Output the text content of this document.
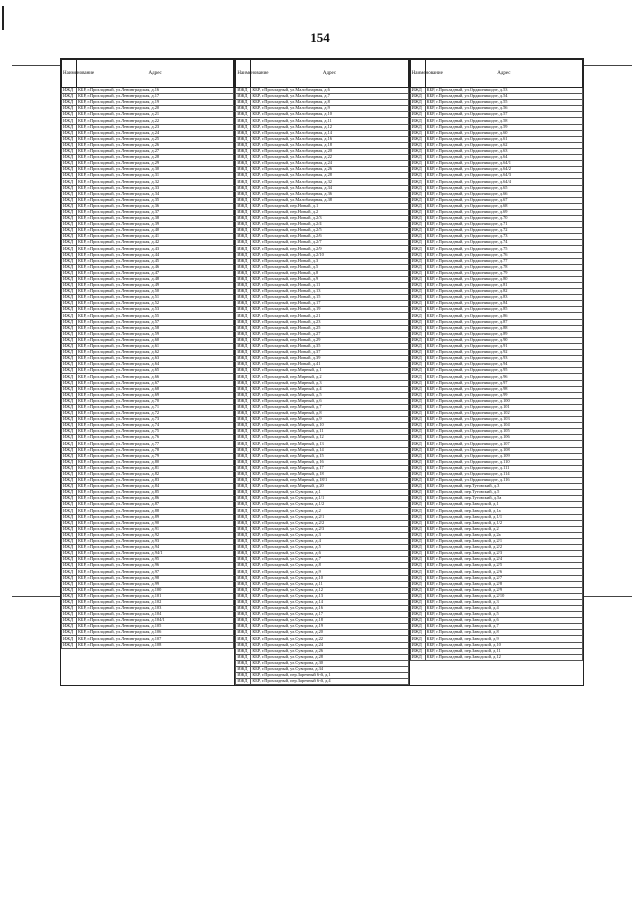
154
Наименование	Адрес
ИЖД	КБР, г.Прохладный, ул.Ленинградская, д.16
ИЖД	КБР, г.Прохладный, ул.Ленинградская, д.17
ИЖД	КБР, г.Прохладный, ул.Ленинградская, д.19
ИЖД	КБР, г.Прохладный, ул.Ленинградская, д.20
ИЖД	КБР, г.Прохладный, ул.Ленинградская, д.21
ИЖД	КБР, г.Прохладный, ул.Ленинградская, д.22
ИЖД	КБР, г.Прохладный, ул.Ленинградская, д.23
ИЖД	КБР, г.Прохладный, ул.Ленинградская, д.24
ИЖД	КБР, г.Прохладный, ул.Ленинградская, д.25
ИЖД	КБР, г.Прохладный, ул.Ленинградская, д.26
ИЖД	КБР, г.Прохладный, ул.Ленинградская, д.27
ИЖД	КБР, г.Прохладный, ул.Ленинградская, д.28
ИЖД	КБР, г.Прохладный, ул.Ленинградская, д.29
ИЖД	КБР, г.Прохладный, ул.Ленинградская, д.30
ИЖД	КБР, г.Прохладный, ул.Ленинградская, д.31
ИЖД	КБР, г.Прохладный, ул.Ленинградская, д.32
ИЖД	КБР, г.Прохладный, ул.Ленинградская, д.33
ИЖД	КБР, г.Прохладный, ул.Ленинградская, д.34
ИЖД	КБР, г.Прохладный, ул.Ленинградская, д.35
ИЖД	КБР, г.Прохладный, ул.Ленинградская, д.36
ИЖД	КБР, г.Прохладный, ул.Ленинградская, д.37
ИЖД	КБР, г.Прохладный, ул.Ленинградская, д.38
ИЖД	КБР, г.Прохладный, ул.Ленинградская, д.39
ИЖД	КБР, г.Прохладный, ул.Ленинградская, д.40
ИЖД	КБР, г.Прохладный, ул.Ленинградская, д.41
ИЖД	КБР, г.Прохладный, ул.Ленинградская, д.42
ИЖД	КБР, г.Прохладный, ул.Ленинградская, д.43
ИЖД	КБР, г.Прохладный, ул.Ленинградская, д.44
ИЖД	КБР, г.Прохладный, ул.Ленинградская, д.45
ИЖД	КБР, г.Прохладный, ул.Ленинградская, д.46
ИЖД	КБР, г.Прохладный, ул.Ленинградская, д.47
ИЖД	КБР, г.Прохладный, ул.Ленинградская, д.48
ИЖД	КБР, г.Прохладный, ул.Ленинградская, д.49
ИЖД	КБР, г.Прохладный, ул.Ленинградская, д.50
ИЖД	КБР, г.Прохладный, ул.Ленинградская, д.51
ИЖД	КБР, г.Прохладный, ул.Ленинградская, д.52
ИЖД	КБР, г.Прохладный, ул.Ленинградская, д.53
ИЖД	КБР, г.Прохладный, ул.Ленинградская, д.55
ИЖД	КБР, г.Прохладный, ул.Ленинградская, д.57
ИЖД	КБР, г.Прохладный, ул.Ленинградская, д.58
ИЖД	КБР, г.Прохладный, ул.Ленинградская, д.59
ИЖД	КБР, г.Прохладный, ул.Ленинградская, д.60
ИЖД	КБР, г.Прохладный, ул.Ленинградская, д.61
ИЖД	КБР, г.Прохладный, ул.Ленинградская, д.62
ИЖД	КБР, г.Прохладный, ул.Ленинградская, д.63
ИЖД	КБР, г.Прохладный, ул.Ленинградская, д.64
ИЖД	КБР, г.Прохладный, ул.Ленинградская, д.65
ИЖД	КБР, г.Прохладный, ул.Ленинградская, д.66
ИЖД	КБР, г.Прохладный, ул.Ленинградская, д.67
ИЖД	КБР, г.Прохладный, ул.Ленинградская, д.68
ИЖД	КБР, г.Прохладный, ул.Ленинградская, д.69
ИЖД	КБР, г.Прохладный, ул.Ленинградская, д.70
ИЖД	КБР, г.Прохладный, ул.Ленинградская, д.71
ИЖД	КБР, г.Прохладный, ул.Ленинградская, д.72
ИЖД	КБР, г.Прохладный, ул.Ленинградская, д.73
ИЖД	КБР, г.Прохладный, ул.Ленинградская, д.74
ИЖД	КБР, г.Прохладный, ул.Ленинградская, д.75
ИЖД	КБР, г.Прохладный, ул.Ленинградская, д.76
ИЖД	КБР, г.Прохладный, ул.Ленинградская, д.77
ИЖД	КБР, г.Прохладный, ул.Ленинградская, д.78
ИЖД	КБР, г.Прохладный, ул.Ленинградская, д.79
ИЖД	КБР, г.Прохладный, ул.Ленинградская, д.80
ИЖД	КБР, г.Прохладный, ул.Ленинградская, д.81
ИЖД	КБР, г.Прохладный, ул.Ленинградская, д.82
ИЖД	КБР, г.Прохладный, ул.Ленинградская, д.83
ИЖД	КБР, г.Прохладный, ул.Ленинградская, д.84
ИЖД	КБР, г.Прохладный, ул.Ленинградская, д.85
ИЖД	КБР, г.Прохладный, ул.Ленинградская, д.86
ИЖД	КБР, г.Прохладный, ул.Ленинградская, д.87
ИЖД	КБР, г.Прохладный, ул.Ленинградская, д.88
ИЖД	КБР, г.Прохладный, ул.Ленинградская, д.89
ИЖД	КБР, г.Прохладный, ул.Ленинградская, д.90
ИЖД	КБР, г.Прохладный, ул.Ленинградская, д.91
ИЖД	КБР, г.Прохладный, ул.Ленинградская, д.92
ИЖД	КБР, г.Прохладный, ул.Ленинградская, д.93
ИЖД	КБР, г.Прохладный, ул.Ленинградская, д.94
ИЖД	КБР, г.Прохладный, ул.Ленинградская, д.94/1
ИЖД	КБР, г.Прохладный, ул.Ленинградская, д.95
ИЖД	КБР, г.Прохладный, ул.Ленинградская, д.96
ИЖД	КБР, г.Прохладный, ул.Ленинградская, д.97
ИЖД	КБР, г.Прохладный, ул.Ленинградская, д.98
ИЖД	КБР, г.Прохладный, ул.Ленинградская, д.99
ИЖД	КБР, г.Прохладный, ул.Ленинградская, д.100
ИЖД	КБР, г.Прохладный, ул.Ленинградская, д.101
ИЖД	КБР, г.Прохладный, ул.Ленинградская, д.102
ИЖД	КБР, г.Прохладный, ул.Ленинградская, д.103
ИЖД	КБР, г.Прохладный, ул.Ленинградская, д.104
ИЖД	КБР, г.Прохладный, ул.Ленинградская, д.104/1
ИЖД	КБР, г.Прохладный, ул.Ленинградская, д.105
ИЖД	КБР, г.Прохладный, ул.Ленинградская, д.106
ИЖД	КБР, г.Прохладный, ул.Ленинградская, д.107
ИЖД	КБР, г.Прохладный, ул.Ленинградская, д.108

Наименование	Адрес
ИЖД	КБР, г.Прохладный, ул.Малобазарная, д.6
ИЖД	КБР, г.Прохладный, ул.Малобазарная, д.7
ИЖД	КБР, г.Прохладный, ул.Малобазарная, д.8
ИЖД	КБР, г.Прохладный, ул.Малобазарная, д.9
ИЖД	КБР, г.Прохладный, ул.Малобазарная, д.10
ИЖД	КБР, г.Прохладный, ул.Малобазарная, д.11
ИЖД	КБР, г.Прохладный, ул.Малобазарная, д.12
ИЖД	КБР, г.Прохладный, ул.Малобазарная, д.14
ИЖД	КБР, г.Прохладный, ул.Малобазарная, д.16
ИЖД	КБР, г.Прохладный, ул.Малобазарная, д.18
ИЖД	КБР, г.Прохладный, ул.Малобазарная, д.20
ИЖД	КБР, г.Прохладный, ул.Малобазарная, д.22
ИЖД	КБР, г.Прохладный, ул.Малобазарная, д.24
ИЖД	КБР, г.Прохладный, ул.Малобазарная, д.26
ИЖД	КБР, г.Прохладный, ул.Малобазарная, д.28
ИЖД	КБР, г.Прохладный, ул.Малобазарная, д.32
ИЖД	КБР, г.Прохладный, ул.Малобазарная, д.34
ИЖД	КБР, г.Прохладный, ул.Малобазарная, д.36
ИЖД	КБР, г.Прохладный, ул.Малобазарная, д.38
ИЖД	КБР, г.Прохладный, пер.Новый, д.1
ИЖД	КБР, г.Прохладный, пер.Новый, д.2
ИЖД	КБР, г.Прохладный, пер.Новый, д.2/3
ИЖД	КБР, г.Прохладный, пер.Новый, д.2/4
ИЖД	КБР, г.Прохладный, пер.Новый, д.2/5
ИЖД	КБР, г.Прохладный, пер.Новый, д.2/6
ИЖД	КБР, г.Прохладный, пер.Новый, д.2/7
ИЖД	КБР, г.Прохладный, пер.Новый, д.2/9
ИЖД	КБР, г.Прохладный, пер.Новый, д.2/10
ИЖД	КБР, г.Прохладный, пер.Новый, д.3
ИЖД	КБР, г.Прохладный, пер.Новый, д.5
ИЖД	КБР, г.Прохладный, пер.Новый, д.8
ИЖД	КБР, г.Прохладный, пер.Новый, д.9
ИЖД	КБР, г.Прохладный, пер.Новый, д.11
ИЖД	КБР, г.Прохладный, пер.Новый, д.13
ИЖД	КБР, г.Прохладный, пер.Новый, д.15
ИЖД	КБР, г.Прохладный, пер.Новый, д.17
ИЖД	КБР, г.Прохладный, пер.Новый, д.19
ИЖД	КБР, г.Прохладный, пер.Новый, д.21
ИЖД	КБР, г.Прохладный, пер.Новый, д.23
ИЖД	КБР, г.Прохладный, пер.Новый, д.25
ИЖД	КБР, г.Прохладный, пер.Новый, д.27
ИЖД	КБР, г.Прохладный, пер.Новый, д.29
ИЖД	КБР, г.Прохладный, пер.Новый, д.35
ИЖД	КБР, г.Прохладный, пер.Новый, д.37
ИЖД	КБР, г.Прохладный, пер.Новый, д.39
ИЖД	КБР, г.Прохладный, пер.Новый, д.41
ИЖД	КБР, г.Прохладный, пер.Мирный, д.1
ИЖД	КБР, г.Прохладный, пер.Мирный, д.2
ИЖД	КБР, г.Прохладный, пер.Мирный, д.3
ИЖД	КБР, г.Прохладный, пер.Мирный, д.4
ИЖД	КБР, г.Прохладный, пер.Мирный, д.5
ИЖД	КБР, г.Прохладный, пер.Мирный, д.6
ИЖД	КБР, г.Прохладный, пер.Мирный, д.7
ИЖД	КБР, г.Прохладный, пер.Мирный, д.8
ИЖД	КБР, г.Прохладный, пер.Мирный, д.9
ИЖД	КБР, г.Прохладный, пер.Мирный, д.10
ИЖД	КБР, г.Прохладный, пер.Мирный, д.11
ИЖД	КБР, г.Прохладный, пер.Мирный, д.12
ИЖД	КБР, г.Прохладный, пер.Мирный, д.13
ИЖД	КБР, г.Прохладный, пер.Мирный, д.14
ИЖД	КБР, г.Прохладный, пер.Мирный, д.15
ИЖД	КБР, г.Прохладный, пер.Мирный, д.16
ИЖД	КБР, г.Прохладный, пер.Мирный, д.17
ИЖД	КБР, г.Прохладный, пер.Мирный, д.18
ИЖД	КБР, г.Прохладный, пер.Мирный, д.18/1
ИЖД	КБР, г.Прохладный, пер.Мирный, д.20
ИЖД	КБР, г.Прохладный, ул.Суворова, д.1
ИЖД	КБР, г.Прохладный, ул.Суворова, д.1/1
ИЖД	КБР, г.Прохладный, ул.Суворова, д.1/2
ИЖД	КБР, г.Прохладный, ул.Суворова, д.2
ИЖД	КБР, г.Прохладный, ул.Суворова, д.2/1
ИЖД	КБР, г.Прохладный, ул.Суворова, д.2/2
ИЖД	КБР, г.Прохладный, ул.Суворова, д.2/3
ИЖД	КБР, г.Прохладный, ул.Суворова, д.3
ИЖД	КБР, г.Прохладный, ул.Суворова, д.4
ИЖД	КБР, г.Прохладный, ул.Суворова, д.5
ИЖД	КБР, г.Прохладный, ул.Суворова, д.6
ИЖД	КБР, г.Прохладный, ул.Суворова, д.7
ИЖД	КБР, г.Прохладный, ул.Суворова, д.8
ИЖД	КБР, г.Прохладный, ул.Суворова, д.9
ИЖД	КБР, г.Прохладный, ул.Суворова, д.10
ИЖД	КБР, г.Прохладный, ул.Суворова, д.11
ИЖД	КБР, г.Прохладный, ул.Суворова, д.12
ИЖД	КБР, г.Прохладный, ул.Суворова, д.13
ИЖД	КБР, г.Прохладный, ул.Суворова, д.14
ИЖД	КБР, г.Прохладный, ул.Суворова, д.16
ИЖД	КБР, г.Прохладный, ул.Суворова, д.17
ИЖД	КБР, г.Прохладный, ул.Суворова, д.18
ИЖД	КБР, г.Прохладный, ул.Суворова, д.19
ИЖД	КБР, г.Прохладный, ул.Суворова, д.20
ИЖД	КБР, г.Прохладный, ул.Суворова, д.22
ИЖД	КБР, г.Прохладный, ул.Суворова, д.24
ИЖД	КБР, г.Прохладный, ул.Суворова, д.26
ИЖД	КБР, г.Прохладный, ул.Суворова, д.28
ИЖД	КБР, г.Прохладный, ул.Суворова, д.30
ИЖД	КБР, г.Прохладный, ул.Суворова, д.34
ИЖД	КБР, г.Прохладный, пер.Заречный 6-й, д.1
ИЖД	КБР, г.Прохладный, пер.Заречный 6-й, д.4

Наименование	Адрес
ИЖД	КБР, г.Прохладный, ул.Орджоникидзе, д.53
ИЖД	КБР, г.Прохладный, ул.Орджоникидзе, д.54
ИЖД	КБР, г.Прохладный, ул.Орджоникидзе, д.55
ИЖД	КБР, г.Прохладный, ул.Орджоникидзе, д.56
ИЖД	КБР, г.Прохладный, ул.Орджоникидзе, д.57
ИЖД	КБР, г.Прохладный, ул.Орджоникидзе, д.58
ИЖД	КБР, г.Прохладный, ул.Орджоникидзе, д.59
ИЖД	КБР, г.Прохладный, ул.Орджоникидзе, д.60
ИЖД	КБР, г.Прохладный, ул.Орджоникидзе, д.61
ИЖД	КБР, г.Прохладный, ул.Орджоникидзе, д.62
ИЖД	КБР, г.Прохладный, ул.Орджоникидзе, д.63
ИЖД	КБР, г.Прохладный, ул.Орджоникидзе, д.64
ИЖД	КБР, г.Прохладный, ул.Орджоникидзе, д.64/1
ИЖД	КБР, г.Прохладный, ул.Орджоникидзе, д.64/2
ИЖД	КБР, г.Прохладный, ул.Орджоникидзе, д.64/3
ИЖД	КБР, г.Прохладный, ул.Орджоникидзе, д.64/4
ИЖД	КБР, г.Прохладный, ул.Орджоникидзе, д.65
ИЖД	КБР, г.Прохладный, ул.Орджоникидзе, д.66
ИЖД	КБР, г.Прохладный, ул.Орджоникидзе, д.67
ИЖД	КБР, г.Прохладный, ул.Орджоникидзе, д.68
ИЖД	КБР, г.Прохладный, ул.Орджоникидзе, д.69
ИЖД	КБР, г.Прохладный, ул.Орджоникидзе, д.70
ИЖД	КБР, г.Прохладный, ул.Орджоникидзе, д.71
ИЖД	КБР, г.Прохладный, ул.Орджоникидзе, д.72
ИЖД	КБР, г.Прохладный, ул.Орджоникидзе, д.73
ИЖД	КБР, г.Прохладный, ул.Орджоникидзе, д.74
ИЖД	КБР, г.Прохладный, ул.Орджоникидзе, д.75
ИЖД	КБР, г.Прохладный, ул.Орджоникидзе, д.76
ИЖД	КБР, г.Прохладный, ул.Орджоникидзе, д.77
ИЖД	КБР, г.Прохладный, ул.Орджоникидзе, д.78
ИЖД	КБР, г.Прохладный, ул.Орджоникидзе, д.79
ИЖД	КБР, г.Прохладный, ул.Орджоникидзе, д.80
ИЖД	КБР, г.Прохладный, ул.Орджоникидзе, д.81
ИЖД	КБР, г.Прохладный, ул.Орджоникидзе, д.82
ИЖД	КБР, г.Прохладный, ул.Орджоникидзе, д.83
ИЖД	КБР, г.Прохладный, ул.Орджоникидзе, д.84
ИЖД	КБР, г.Прохладный, ул.Орджоникидзе, д.85
ИЖД	КБР, г.Прохладный, ул.Орджоникидзе, д.86
ИЖД	КБР, г.Прохладный, ул.Орджоникидзе, д.87
ИЖД	КБР, г.Прохладный, ул.Орджоникидзе, д.88
ИЖД	КБР, г.Прохладный, ул.Орджоникидзе, д.89
ИЖД	КБР, г.Прохладный, ул.Орджоникидзе, д.90
ИЖД	КБР, г.Прохладный, ул.Орджоникидзе, д.91
ИЖД	КБР, г.Прохладный, ул.Орджоникидзе, д.92
ИЖД	КБР, г.Прохладный, ул.Орджоникидзе, д.93
ИЖД	КБР, г.Прохладный, ул.Орджоникидзе, д.94
ИЖД	КБР, г.Прохладный, ул.Орджоникидзе, д.95
ИЖД	КБР, г.Прохладный, ул.Орджоникидзе, д.96
ИЖД	КБР, г.Прохладный, ул.Орджоникидзе, д.97
ИЖД	КБР, г.Прохладный, ул.Орджоникидзе, д.98
ИЖД	КБР, г.Прохладный, ул.Орджоникидзе, д.99
ИЖД	КБР, г.Прохладный, ул.Орджоникидзе, д.100
ИЖД	КБР, г.Прохладный, ул.Орджоникидзе, д.101
ИЖД	КБР, г.Прохладный, ул.Орджоникидзе, д.102
ИЖД	КБР, г.Прохладный, ул.Орджоникидзе, д.103
ИЖД	КБР, г.Прохладный, ул.Орджоникидзе, д.104
ИЖД	КБР, г.Прохладный, ул.Орджоникидзе, д.105
ИЖД	КБР, г.Прохладный, ул.Орджоникидзе, д.106
ИЖД	КБР, г.Прохладный, ул.Орджоникидзе, д.107
ИЖД	КБР, г.Прохладный, ул.Орджоникидзе, д.108
ИЖД	КБР, г.Прохладный, ул.Орджоникидзе, д.109
ИЖД	КБР, г.Прохладный, ул.Орджоникидзе, д.110
ИЖД	КБР, г.Прохладный, ул.Орджоникидзе, д.111
ИЖД	КБР, г.Прохладный, ул.Орджоникидзе, д.114
ИЖД	КБР, г.Прохладный, ул.Орджоникидзе, д.116
ИЖД	КБР, г.Прохладный, пер.Тутовский, д.3
ИЖД	КБР, г.Прохладный, пер.Тутовский, д.5
ИЖД	КБР, г.Прохладный, пер.Тутовский, д.5а
ИЖД	КБР, г.Прохладный, пер.Заводской, д.1
ИЖД	КБР, г.Прохладный, пер.Заводской, д.1а
ИЖД	КБР, г.Прохладный, пер.Заводской, д.1/1
ИЖД	КБР, г.Прохладный, пер.Заводской, д.1/2
ИЖД	КБР, г.Прохладный, пер.Заводской, д.2
ИЖД	КБР, г.Прохладный, пер.Заводской, д.2а
ИЖД	КБР, г.Прохладный, пер.Заводской, д.2/1
ИЖД	КБР, г.Прохладный, пер.Заводской, д.2/2
ИЖД	КБР, г.Прохладный, пер.Заводской, д.2/3
ИЖД	КБР, г.Прохладный, пер.Заводской, д.2/4
ИЖД	КБР, г.Прохладный, пер.Заводской, д.2/5
ИЖД	КБР, г.Прохладный, пер.Заводской, д.2/6
ИЖД	КБР, г.Прохладный, пер.Заводской, д.2/7
ИЖД	КБР, г.Прохладный, пер.Заводской, д.2/8
ИЖД	КБР, г.Прохладный, пер.Заводской, д.2/9
ИЖД	КБР, г.Прохладный, пер.Заводской, д.2/10
ИЖД	КБР, г.Прохладный, пер.Заводской, д.3
ИЖД	КБР, г.Прохладный, пер.Заводской, д.4
ИЖД	КБР, г.Прохладный, пер.Заводской, д.5
ИЖД	КБР, г.Прохладный, пер.Заводской, д.6
ИЖД	КБР, г.Прохладный, пер.Заводской, д.7
ИЖД	КБР, г.Прохладный, пер.Заводской, д.8
ИЖД	КБР, г.Прохладный, пер.Заводской, д.9
ИЖД	КБР, г.Прохладный, пер.Заводской, д.10
ИЖД	КБР, г.Прохладный, пер.Заводской, д.11
ИЖД	КБР, г.Прохладный, пер.Заводской, д.12
